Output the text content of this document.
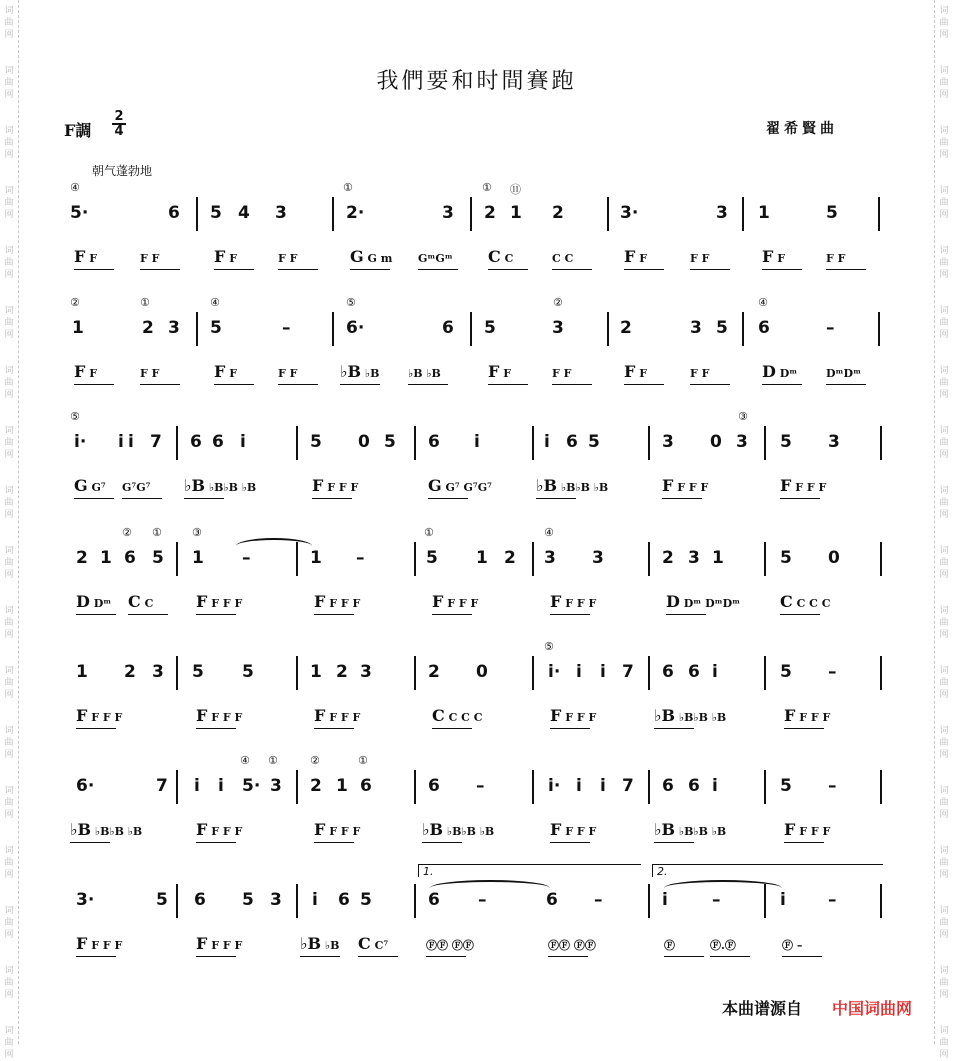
词
曲
网
词
曲
网
词
曲
网
词
曲
网
词
曲
网
词
曲
网
词
曲
网
词
曲
网
词
曲
网
词
曲
网
词
曲
网
词
曲
网
词
曲
网
词
曲
网
词
曲
网
词
曲
网
词
曲
网
词
曲
网
词
曲
网
词
曲
网
词
曲
网
词
曲
网
词
曲
网
词
曲
网
词
曲
网
词
曲
网
词
曲
网
词
曲
网
词
曲
网
词
曲
网
词
曲
网
词
曲
网
词
曲
网
词
曲
网
词
曲
网
词
曲
网
我們要和时間賽跑
F調
2
4	翟希賢曲
朝气蓬勃地
④	①	① ⑪
5·	6 5 4 3	2·	3 2 1 2	3·	3 1	5
F F	F F	F F	F F	G G m GᵐGᵐ C C	C C	F F	F F	F F	F F
②	①	④	⑤	②	④
1	2 3 5	–	6·	6 5	3	2	3 5 6	–
F F	F F	F F	F F	♭B ♭B	♭B ♭B	F F	F F	F F	F F	D Dᵐ	DᵐDᵐ
⑤	③
i· i i 7 6 6 i	5 0 5 6 i	i 6 5	3 0 3 5 3
G G⁷ G⁷G⁷ ♭B ♭B♭B ♭B	F F F F	G G⁷ G⁷G⁷	♭B ♭B♭B ♭B	F F F F	F F F F
② ①	③	①	④
2 1 6 5 1 –	1 –	5 1 2 3 3	2 3 1	5 0
D Dᵐ C C	F F F F	F F F F	F F F F	F F F F	D Dᵐ DᵐDᵐ C C C C
⑤
1 2 3 5 5	1 2 3	2 0	i· i i 7 6 6 i	5 –
F F F F	F F F F	F F F F	C C C C	F F F F	♭B ♭B♭B ♭B	F F F F
④ ①	②	①
6·	7 i i 5· 3 2 1 6	6 –	i· i i 7 6 6 i	5 –
♭B ♭B♭B ♭B	F F F F	F F F F	♭B ♭B♭B ♭B	F F F F	♭B ♭B♭B ♭B	F F F F
3·	5 6 5 3 i 6 5	6 –	6 –	i	–	i –
F F F F	F F F F	♭B ♭B C C⁷	ⒻⒻ ⒻⒻ	ⒻⒻ ⒻⒻ	Ⓕ	Ⓕ.Ⓕ	Ⓕ –
1.	2.
本曲谱源自 中国词曲网
